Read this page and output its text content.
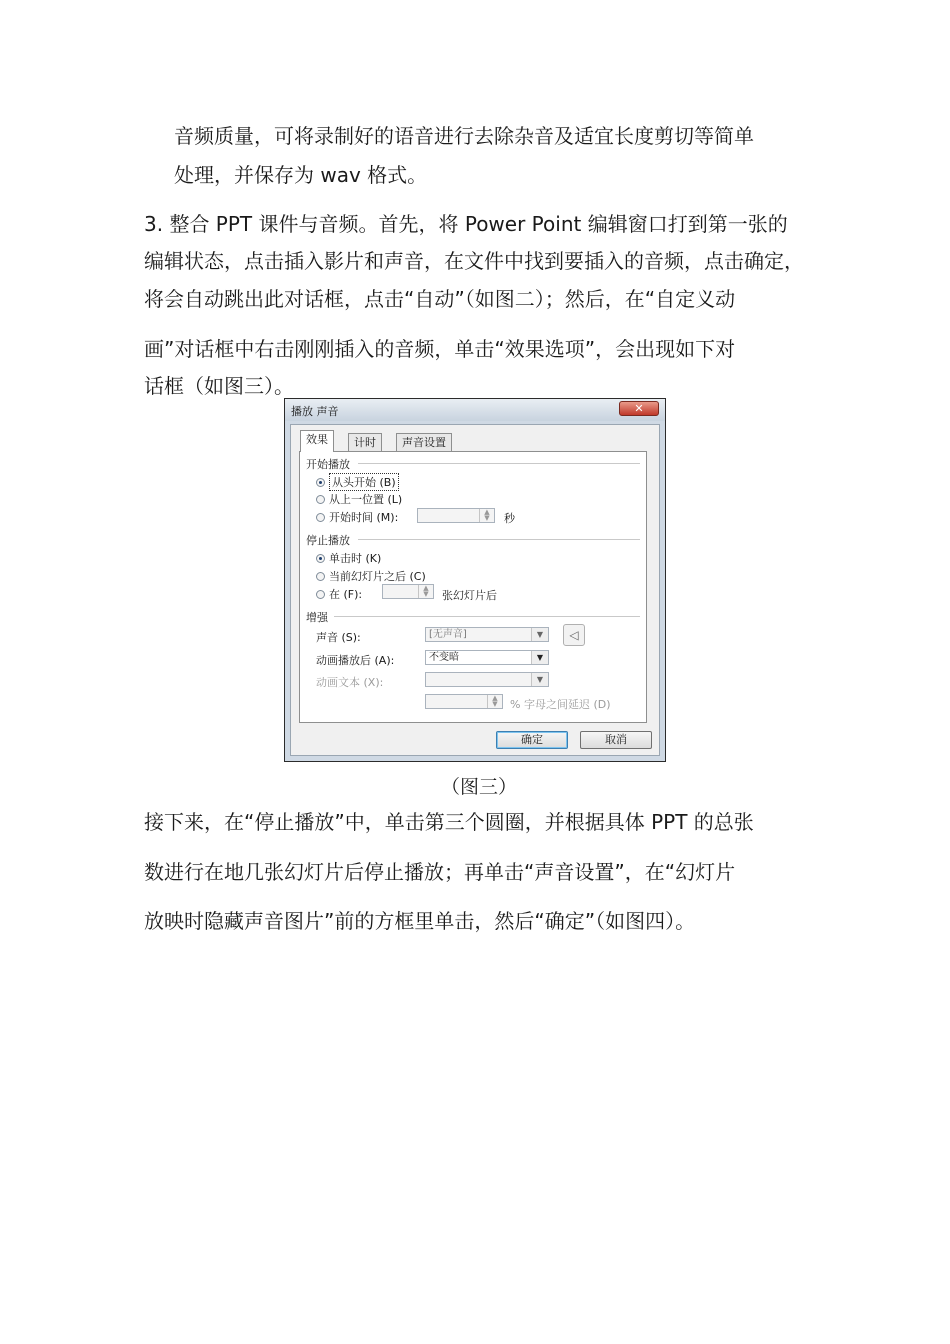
音频质量，可将录制好的语音进行去除杂音及适宜长度剪切等简单
处理，并保存为 wav 格式。
3. 整合 PPT 课件与音频。首先，将 Power Point 编辑窗口打到第一张的
编辑状态，点击插入影片和声音，在文件中找到要插入的音频，点击确定，
将会自动跳出此对话框，点击“自动”（如图二）；然后，在“自定义动
画”对话框中右击刚刚插入的音频，单击“效果选项”，会出现如下对
话框（如图三）。
播放 声音	✕
效果	计时	声音设置
开始播放
从头开始 (B)
从上一位置 (L)
开始时间 (M):	▲
▼	秒
停止播放
单击时 (K)
当前幻灯片之后 (C)
在 (F):	▲
▼	张幻灯片后
增强
声音 (S):	[无声音]	▼	◁
动画播放后 (A):	不变暗	▼
动画文本 (X):	▼
▲
▼	% 字母之间延迟 (D)
确定	取消
（图三）
接下来，在“停止播放”中，单击第三个圆圈，并根据具体 PPT 的总张
数进行在地几张幻灯片后停止播放；再单击“声音设置”，在“幻灯片
放映时隐藏声音图片”前的方框里单击，然后“确定”（如图四）。
